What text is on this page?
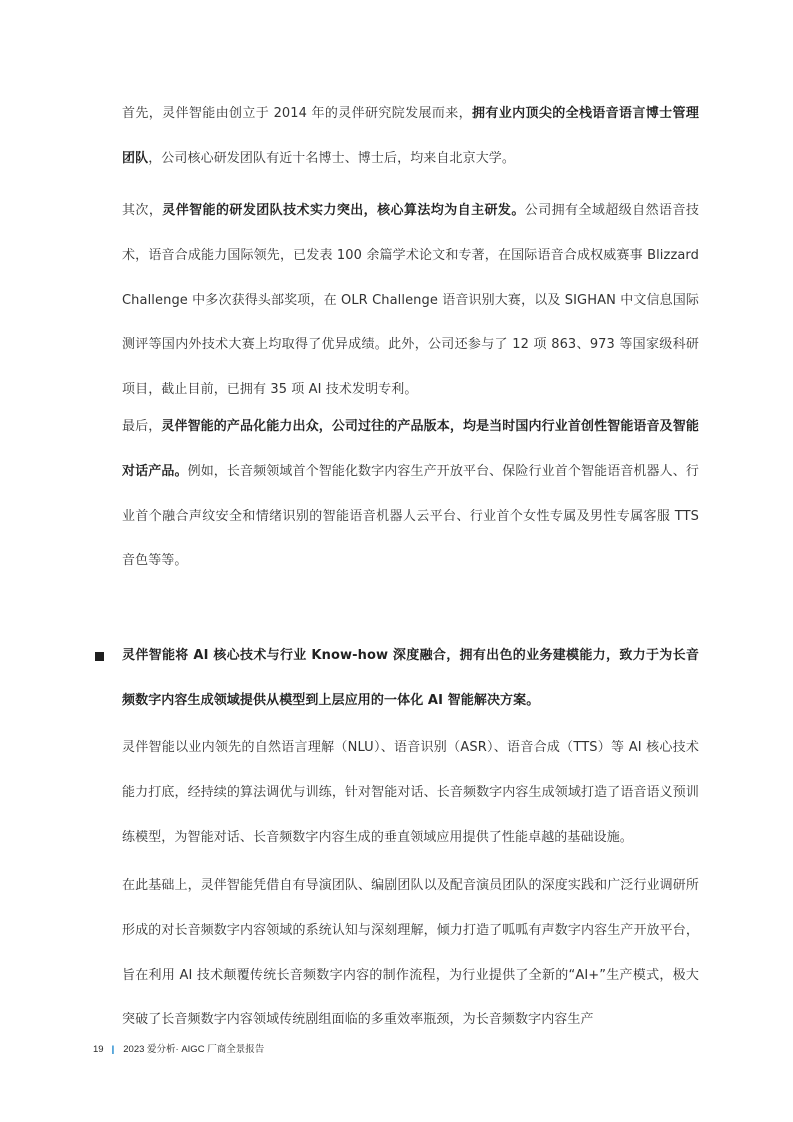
首先，灵伴智能由创立于 2014 年的灵伴研究院发展而来，拥有业内顶尖的全栈语音语言博士管理团队，公司核心研发团队有近十名博士、博士后，均来自北京大学。

其次，灵伴智能的研发团队技术实力突出，核心算法均为自主研发。公司拥有全域超级自然语音技术，语音合成能力国际领先，已发表 100 余篇学术论文和专著，在国际语音合成权威赛事 Blizzard Challenge 中多次获得头部奖项，在 OLR Challenge 语音识别大赛，以及 SIGHAN 中文信息国际测评等国内外技术大赛上均取得了优异成绩。此外，公司还参与了 12 项 863、973 等国家级科研项目，截止目前，已拥有 35 项 AI 技术发明专利。

最后，灵伴智能的产品化能力出众，公司过往的产品版本，均是当时国内行业首创性智能语音及智能对话产品。例如，长音频领域首个智能化数字内容生产开放平台、保险行业首个智能语音机器人、行业首个融合声纹安全和情绪识别的智能语音机器人云平台、行业首个女性专属及男性专属客服 TTS 音色等等。

灵伴智能将 AI 核心技术与行业 Know-how 深度融合，拥有出色的业务建模能力，致力于为长音频数字内容生成领域提供从模型到上层应用的一体化 AI 智能解决方案。

灵伴智能以业内领先的自然语言理解（NLU）、语音识别（ASR）、语音合成（TTS）等 AI 核心技术能力打底，经持续的算法调优与训练，针对智能对话、长音频数字内容生成领域打造了语音语义预训练模型，为智能对话、长音频数字内容生成的垂直领域应用提供了性能卓越的基础设施。

在此基础上，灵伴智能凭借自有导演团队、编剧团队以及配音演员团队的深度实践和广泛行业调研所形成的对长音频数字内容领域的系统认知与深刻理解，倾力打造了呱呱有声数字内容生产开放平台，旨在利用 AI 技术颠覆传统长音频数字内容的制作流程，为行业提供了全新的“AI+”生产模式，极大突破了长音频数字内容领域传统剧组面临的多重效率瓶颈，为长音频数字内容生产

19 | 2023 爱分析· AIGC 厂商全景报告
